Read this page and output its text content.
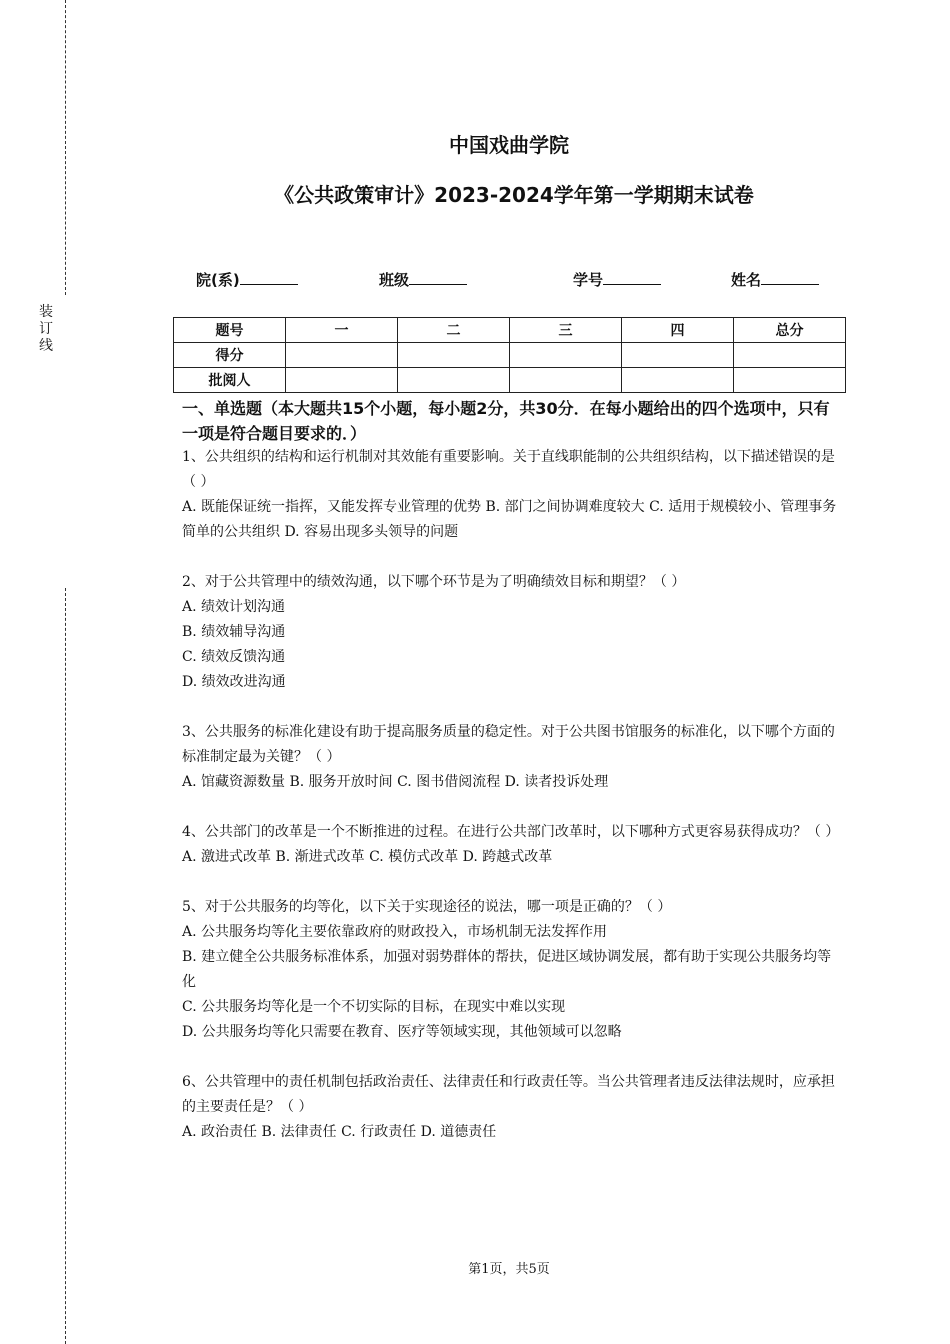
装订线
中国戏曲学院
《公共政策审计》2023-2024学年第一学期期末试卷
院(系)	班级	学号	姓名
题号	一	二	三	四	总分
得分					
批阅人					
一、单选题（本大题共15个小题，每小题2分，共30分．在每小题给出的四个选项中，只有一项是符合题目要求的．）

1、公共组织的结构和运行机制对其效能有重要影响。关于直线职能制的公共组织结构，以下描述错误的是（ ）

A. 既能保证统一指挥，又能发挥专业管理的优势 B. 部门之间协调难度较大 C. 适用于规模较小、管理事务简单的公共组织 D. 容易出现多头领导的问题

2、对于公共管理中的绩效沟通，以下哪个环节是为了明确绩效目标和期望？（ ）

A. 绩效计划沟通

B. 绩效辅导沟通

C. 绩效反馈沟通

D. 绩效改进沟通

3、公共服务的标准化建设有助于提高服务质量的稳定性。对于公共图书馆服务的标准化，以下哪个方面的标准制定最为关键？（ ）

A. 馆藏资源数量 B. 服务开放时间 C. 图书借阅流程 D. 读者投诉处理

4、公共部门的改革是一个不断推进的过程。在进行公共部门改革时，以下哪种方式更容易获得成功？（ ）

A. 激进式改革 B. 渐进式改革 C. 模仿式改革 D. 跨越式改革

5、对于公共服务的均等化，以下关于实现途径的说法，哪一项是正确的？（ ）

A. 公共服务均等化主要依靠政府的财政投入，市场机制无法发挥作用

B. 建立健全公共服务标准体系，加强对弱势群体的帮扶，促进区域协调发展，都有助于实现公共服务均等化

C. 公共服务均等化是一个不切实际的目标，在现实中难以实现

D. 公共服务均等化只需要在教育、医疗等领域实现，其他领域可以忽略

6、公共管理中的责任机制包括政治责任、法律责任和行政责任等。当公共管理者违反法律法规时，应承担的主要责任是？（ ）

A. 政治责任 B. 法律责任 C. 行政责任 D. 道德责任

第1页，共5页
